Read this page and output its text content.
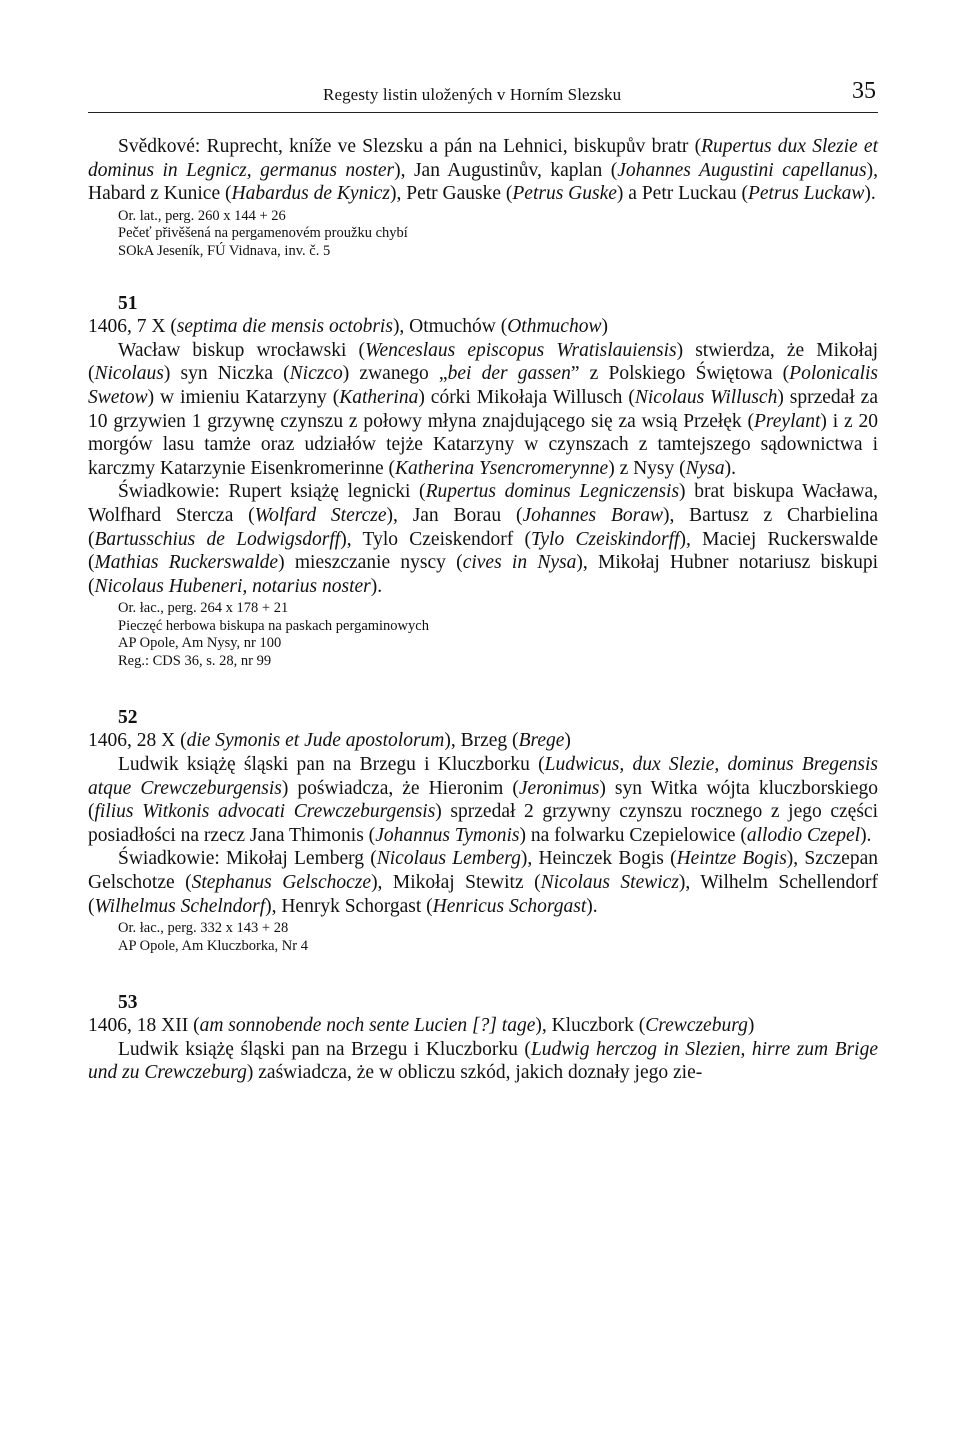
Regesty listin uložených v Horním Slezsku	35

Svědkové: Ruprecht, kníže ve Slezsku a pán na Lehnici, biskupův bratr (Rupertus dux Slezie et dominus in Legnicz, germanus noster), Jan Augustinův, kaplan (Johannes Augustini capellanus), Habard z Kunice (Habardus de Kynicz), Petr Gauske (Petrus Guske) a Petr Luckau (Petrus Luckaw).

Or. lat., perg. 260 x 144 + 26
Pečeť přivěšená na pergamenovém proužku chybí
SOkA Jeseník, FÚ Vidnava, inv. č. 5
51

1406, 7 X (septima die mensis octobris), Otmuchów (Othmuchow)

Wacław biskup wrocławski (Wenceslaus episcopus Wratislauiensis) stwierdza, że Mikołaj (Nicolaus) syn Niczka (Niczco) zwanego „bei der gassen” z Polskiego Świętowa (Polonicalis Swetow) w imieniu Katarzyny (Katherina) córki Mikołaja Willusch (Nicolaus Willusch) sprzedał za 10 grzywien 1 grzywnę czynszu z połowy młyna znajdującego się za wsią Przełęk (Preylant) i z 20 morgów lasu tamże oraz udziałów tejże Katarzyny w czynszach z tamtejszego sądownictwa i karczmy Katarzynie Eisenkromerinne (Katherina Ysencromerynne) z Nysy (Nysa).

Świadkowie: Rupert książę legnicki (Rupertus dominus Legniczensis) brat biskupa Wacława, Wolfhard Stercza (Wolfard Stercze), Jan Borau (Johannes Boraw), Bartusz z Charbielina (Bartusschius de Lodwigsdorff), Tylo Czeiskendorf (Tylo Czeiskindorff), Maciej Ruckerswalde (Mathias Ruckerswalde) mieszczanie nyscy (cives in Nysa), Mikołaj Hubner notariusz biskupi (Nicolaus Hubeneri, notarius noster).

Or. łac., perg. 264 x 178 + 21
Pieczęć herbowa biskupa na paskach pergaminowych
AP Opole, Am Nysy, nr 100
Reg.: CDS 36, s. 28, nr 99
52

1406, 28 X (die Symonis et Jude apostolorum), Brzeg (Brege)

Ludwik książę śląski pan na Brzegu i Kluczborku (Ludwicus, dux Slezie, dominus Bregensis atque Crewczeburgensis) poświadcza, że Hieronim (Jeronimus) syn Witka wójta kluczborskiego (filius Witkonis advocati Crewczeburgensis) sprzedał 2 grzywny czynszu rocznego z jego części posiadłości na rzecz Jana Thimonis (Johannus Tymonis) na folwarku Czepielowice (allodio Czepel).

Świadkowie: Mikołaj Lemberg (Nicolaus Lemberg), Heinczek Bogis (Heintze Bogis), Szczepan Gelschotze (Stephanus Gelschocze), Mikołaj Stewitz (Nicolaus Stewicz), Wilhelm Schellendorf (Wilhelmus Schelndorf), Henryk Schorgast (Henricus Schorgast).

Or. łac., perg. 332 x 143 + 28
AP Opole, Am Kluczborka, Nr 4
53

1406, 18 XII (am sonnobende noch sente Lucien [?] tage), Kluczbork (Crewczeburg)

Ludwik książę śląski pan na Brzegu i Kluczborku (Ludwig herczog in Slezien, hirre zum Brige und zu Crewczeburg) zaświadcza, że w obliczu szkód, jakich doznały jego zie-
